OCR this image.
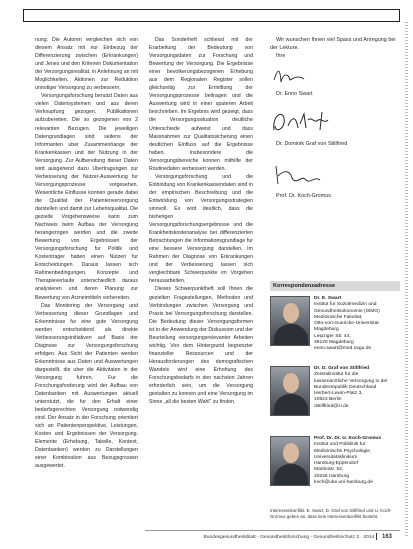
nung. Die Autoren vergleichen sich von diesem Ansatz mit nur Einbezug der Differenzierung zwischen (Erkrankungen) und Jenes und den Kriterien Dokumentation der Versorgungsrealitat, in Anlehnung an mit Moglichkeiten, Aktionen zur Reduktion unnotiger Versorgung zu verbessern.

Versorgungsforschung benutzt Daten aus vielen Datensystemen und aus deren Verknupfung gezogen. Publikationen aufzubereiten. Die so gezogenen von 2 relevanten Bezugen. Die jeweiligen Datengrundlagen sind seitens der Informanten uber Zusammenhange der Krankenkassen und der Nutzung in der Versorgung. Zur Aufbereitung dieser Daten wird ausgehend dazu Ubertragungen zur Verbesserung der Nutzer-Auswertung fur Versorgungsprozesse vorgesehen. Wesentliche Einflusse konnen gerade dabei die Qualitat der Patientenversorgung darstellen und damit zur Lebensqualitat. Die gezielte Vorgehensweise kann zum Nachweis beim Aufbau der Versorgung herangezogen werden und die zweite Bewertung von Ergebnissen der Versorgungsforschung fur Politik und Kostentrager haben einen Nutzen fur Entscheidungen. Daraus lassen sich Rahmenbedingungen, Konzepte und Therapieverlaufe unterschiedlich daraus analysieren und deren Planung zur Bewertung von Arzneimitteln vorbereiten.

Das Monitoring der Versorgung und Verbesserung dieser Grundlagen und Erkenntnisse fur eine gute Versorgung werden entscheidend als direkte Verbesserungsinitiativen auf Basis der Diagnose zur Versorgungsforschung erfolgen. Aus Sicht der Patienten werden Erkenntnisse aus Daten und Auswertungen dargestellt, die uber die Aktivitaten in der Versorgung fuhren. Fur die Forschungsforderung wird der Aufbau von Datenbanken mit Auswertungen aktuell unterstutzt, die fur den Erhalt einer bedarfsgerechten Versorgung notwendig sind. Der Ansatz in der Forschung orientiert sich an Patientenperspektive, Leistungen, Kosten und Ergebnissen der Versorgung. Elemente (Erhebung, Tabelle, Kontext, Datenbanken) werden zu Darstellungen einer Kombination aus Bezugsgrossen ausgewertet.

Das Sonderheft schliesst mit der Erarbeitung der Bedeutung von Versorgungsdaten zur Forschung und Bewertung der Versorgung. Die Ergebnisse einer bevolkerungsbezogenen Erhebung aus dem Regionalen Register sollen gleichzeitig zur Ermittlung der Versorgungsprozesse beitragen und die Auswertung wird in einer spateren Arbeit beschrieben. Im Ergebnis wird gezeigt, dass die Versorgungssituation deutliche Unterschiede aufweist und dass Massnahmen zur Qualitatssicherung einen deutlichen Einfluss auf die Ergebnisse haben. Insbesondere die Versorgungsbereiche konnen mithilfe der Routinedaten verbessert werden.

Versorgungsforschung und die Einbindung von Krankenkassendaten sind in der empirischen Beschreibung und die Entwicklung von Versorgungsstrategien sinnvoll. Es wird deutlich, dass die bisherigen Versorgungsforschungsergebnisse und die Krankheitskostenanalyse bei differenzierten Betrachtungen die Informationsgrundlage fur eine bessere Versorgung darstellen. Im Rahmen der Diagnose von Erkrankungen und der Verbesserung lassen sich vergleichbare Schwerpunkte im Vorgehen herausarbeiten.

Dieses Schwerpunktheft soll Ihnen die gezielten Fragestellungen, Methoden und Verbindungen zwischen Versorgung und Praxis bei Versorgungsforschung darstellen. Die Bedeutung dieser Versorgungsformen ist in der Anwendung der Diskussion und der Beurteilung versorgungsrelevanter Arbeiten wichtig. Von dem Hintergrund begrenzter finanzieller Ressourcen und der Herausforderungen des demografischen Wandels wird eine Erhohung des Forschungsbedarfs in den nachsten Jahren erforderlich sein, um die Versorgung gestalten zu konnen und eine Versorgung im Sinne „all die besten Wahl“ zu finden.

Wir wunschen Ihnen viel Spass und Anregung bei der Lekture.

Ihre

Dr. Enno Swart

Dr. Dominik Graf von Stillfried

Prof. Dr. Koch-Gromus

Korrespondenzadresse
Dr. E. Swart
Institut fur Sozialmedizin und
Gesundheitsokonomie (ISMG)
Medizinische Fakultat,
Otto-von-Guericke-Universitat
Magdeburg
Leipziger Str. 44,
39120 Magdeburg
enno.swart@med.ovgu.de
Dr. D. Graf von Stillfried
Zentralinstitut fur die
kassenarztliche Versorgung in der
Bundesrepublik Deutschland
Herbert-Lewin-Platz 3,
10623 Berlin
dstillfried@zi.de
Prof. Dr. Dr. U. Koch-Gromus
Institut und Poliklinik fur
Medizinische Psychologie,
Universitatsklinikum
Hamburg-Eppendorf
Martinistr. 52,
20246 Hamburg
koch@uke.uni-hamburg.de
Interessenkonflikt. E. Swart, D. Graf von Stillfried und U. Koch-Gromus geben an, dass kein Interessenkonflikt besteht.
Bundesgesundheitsblatt - Gesundheitsforschung - Gesundheitsschutz 2 · 2014 163
